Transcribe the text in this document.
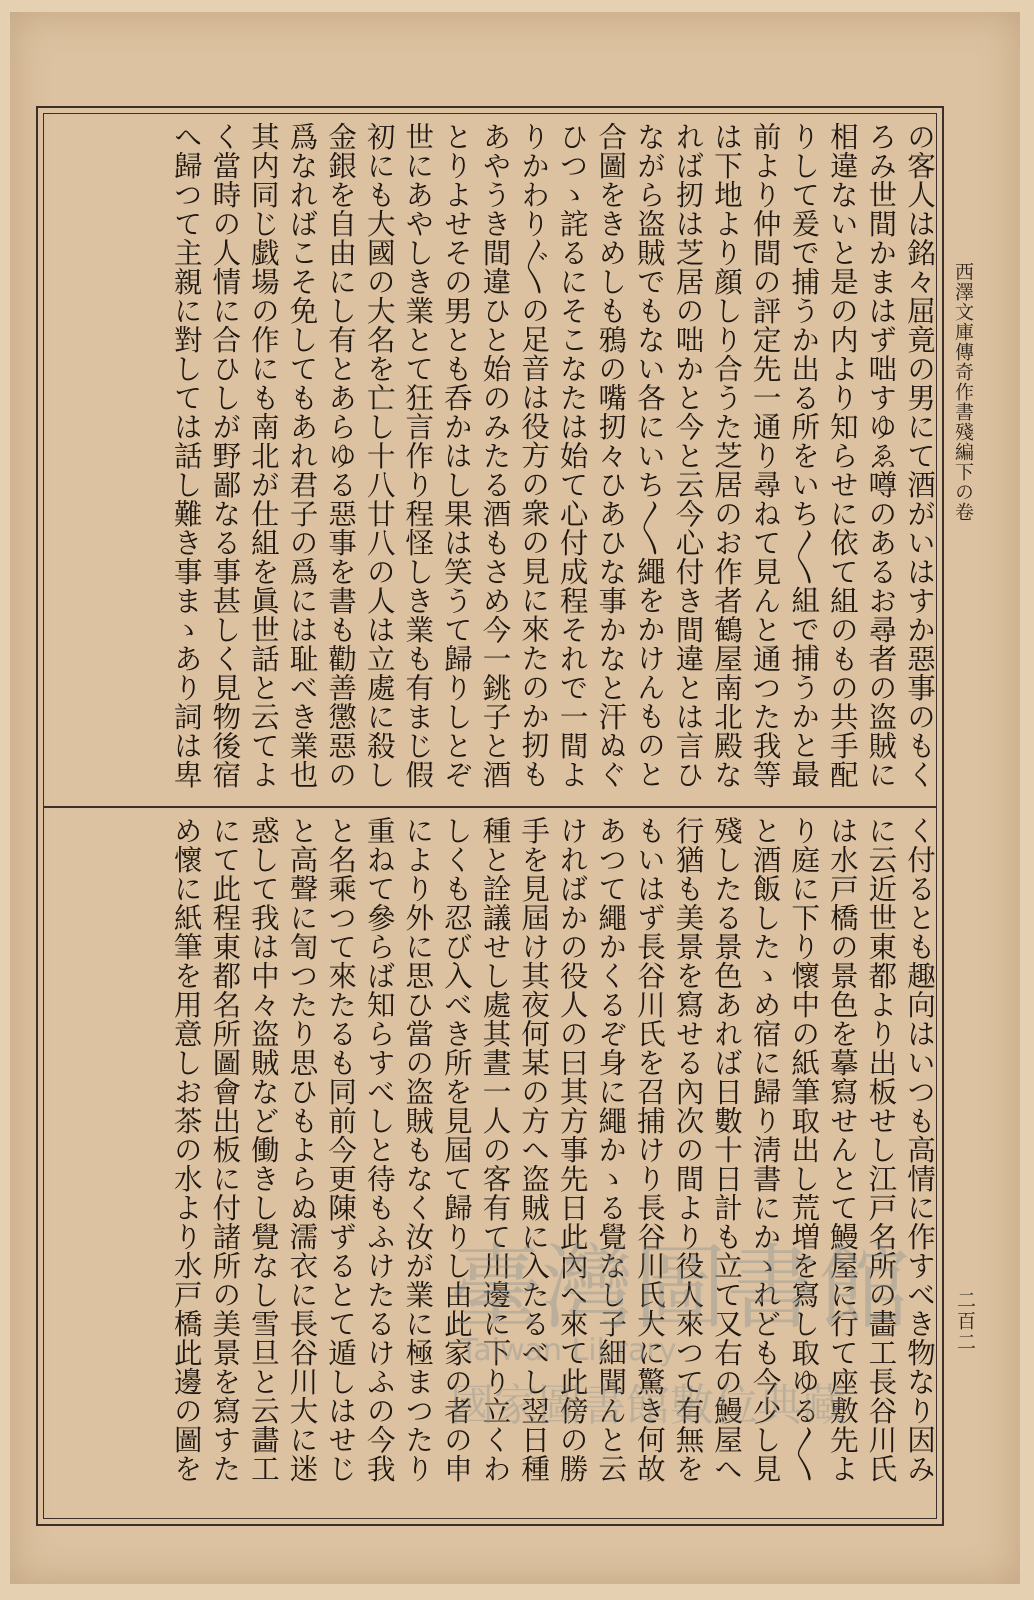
西澤文庫傳奇作書殘編下の卷
二百二
の客人は銘々屈竟の男にて酒がいはすか惡事のもく
ろみ世間かまはず咄すゆゑ噂のあるお尋者の盗賊に
相違ないと是の内より知らせに依て組のもの共手配
りして爰で捕うか出る所をいち〳〵組で捕うかと最
前より仲間の評定先一通り尋ねて見んと通つた我等
は下地より顔しり合うた芝居のお作者鶴屋南北殿な
れば扨は芝居の咄かと今と云今心付き間違とは言ひ
ながら盗賊でもない各にいち〳〵繩をかけんものと
合圖をきめしも鴉の嘴扨々ひあひな事かなと汗ぬぐ
ひつゝ詫るにそこなたは始て心付成程それで一間よ
りかわり〴〵の足音は役方の衆の見に來たのか扨も
あやうき間違ひと始のみたる酒もさめ今一銚子と酒
とりよせその男とも呑かはし果は笑うて歸りしとぞ
世にあやしき業とて狂言作り程怪しき業も有まじ假
初にも大國の大名を亡し十八廿八の人は立處に殺し
金銀を自由にし有とあらゆる惡事を書も勸善懲惡の
爲なればこそ免してもあれ君子の爲には耻べき業也
其内同じ戯場の作にも南北が仕組を眞世話と云てよ
く當時の人情に合ひしが野鄙なる事甚しく見物後宿
へ歸つて主親に對しては話し難き事まゝあり詞は卑
く付るとも趣向はいつも高情に作すべき物なり因み
に云近世東都より出板せし江戸名所の畵工長谷川氏
は水戸橋の景色を摹寫せんとて鰻屋に行て座敷先よ
り庭に下り懷中の紙筆取出し荒増を寫し取ゆる〳〵
と酒飯したゝめ宿に歸り淸書にかゝれども今少し見
殘したる景色あれば日數十日計も立て又右の鰻屋へ
行猶も美景を寫せる內次の間より役人來つて有無を
もいはず長谷川氏を召捕けり長谷川氏大に驚き何故
あつて繩かくるぞ身に繩かゝる覺なし子細聞んと云
ければかの役人の曰其方事先日此內へ來て此傍の勝
手を見屆け其夜何某の方へ盗賊に入たるべし翌日種
種と詮議せし處其晝一人の客有て川邊に下り立くわ
しくも忍び入べき所を見屆て歸りし由此家の者の申
により外に思ひ當の盗賊もなく汝が業に極まつたり
重ねて參らば知らすべしと待もふけたるけふの今我
と名乘つて來たるも同前今更陳ずるとて遁しはせじ
と高聲に訇つたり思ひもよらぬ濡衣に長谷川大に迷
惑して我は中々盗賊など働きし覺なし雪旦と云畵工
にて此程東都名所圖會出板に付諸所の美景を寫すた
め懷に紙筆を用意しお茶の水より水戸橋此邊の圖を	臺灣圖書館
Taiwan Library
國家圖書館數位典藏
